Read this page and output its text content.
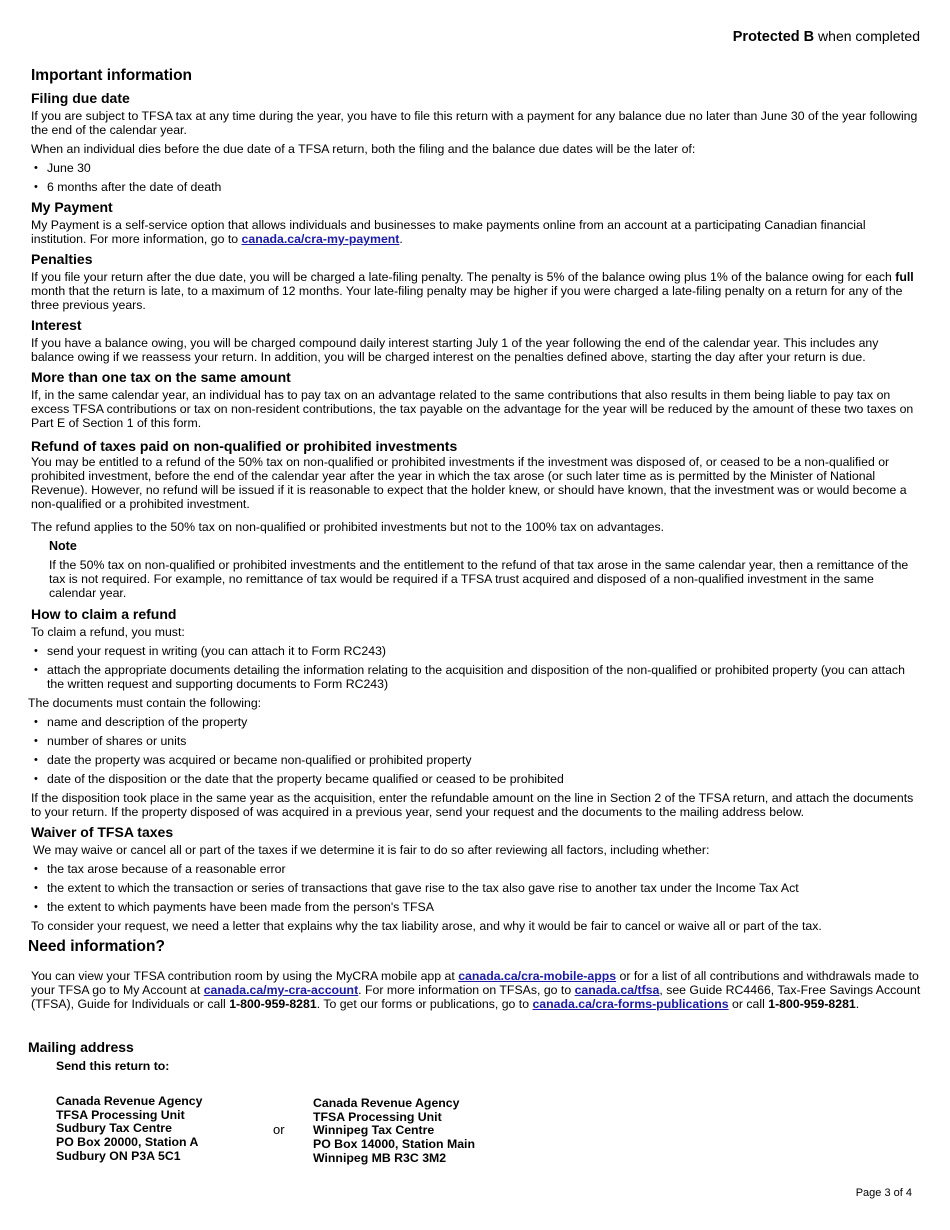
Protected B when completed
Important information
Filing due date

If you are subject to TFSA tax at any time during the year, you have to file this return with a payment for any balance due no later than June 30 of the year following the end of the calendar year.

When an individual dies before the due date of a TFSA return, both the filing and the balance due dates will be the later of:

• June 30
• 6 months after the date of death
My Payment

My Payment is a self-service option that allows individuals and businesses to make payments online from an account at a participating Canadian financial institution. For more information, go to canada.ca/cra-my-payment.

Penalties

If you file your return after the due date, you will be charged a late-filing penalty. The penalty is 5% of the balance owing plus 1% of the balance owing for each full month that the return is late, to a maximum of 12 months. Your late-filing penalty may be higher if you were charged a late-filing penalty on a return for any of the three previous years.

Interest

If you have a balance owing, you will be charged compound daily interest starting July 1 of the year following the end of the calendar year. This includes any balance owing if we reassess your return. In addition, you will be charged interest on the penalties defined above, starting the day after your return is due.

More than one tax on the same amount

If, in the same calendar year, an individual has to pay tax on an advantage related to the same contributions that also results in them being liable to pay tax on excess TFSA contributions or tax on non-resident contributions, the tax payable on the advantage for the year will be reduced by the amount of these two taxes on Part E of Section 1 of this form.

Refund of taxes paid on non-qualified or prohibited investments

You may be entitled to a refund of the 50% tax on non-qualified or prohibited investments if the investment was disposed of, or ceased to be a non-qualified or prohibited investment, before the end of the calendar year after the year in which the tax arose (or such later time as is permitted by the Minister of National Revenue). However, no refund will be issued if it is reasonable to expect that the holder knew, or should have known, that the investment was or would become a non-qualified or a prohibited investment.

The refund applies to the 50% tax on non-qualified or prohibited investments but not to the 100% tax on advantages.

Note

If the 50% tax on non-qualified or prohibited investments and the entitlement to the refund of that tax arose in the same calendar year, then a remittance of the tax is not required. For example, no remittance of tax would be required if a TFSA trust acquired and disposed of a non-qualified investment in the same calendar year.

How to claim a refund

To claim a refund, you must:

• send your request in writing (you can attach it to Form RC243)
• attach the appropriate documents detailing the information relating to the acquisition and disposition of the non-qualified or prohibited property (you can attach the written request and supporting documents to Form RC243)

The documents must contain the following:

• name and description of the property
• number of shares or units
• date the property was acquired or became non-qualified or prohibited property
• date of the disposition or the date that the property became qualified or ceased to be prohibited

If the disposition took place in the same year as the acquisition, enter the refundable amount on the line in Section 2 of the TFSA return, and attach the documents to your return. If the property disposed of was acquired in a previous year, send your request and the documents to the mailing address below.

Waiver of TFSA taxes

We may waive or cancel all or part of the taxes if we determine it is fair to do so after reviewing all factors, including whether:

• the tax arose because of a reasonable error
• the extent to which the transaction or series of transactions that gave rise to the tax also gave rise to another tax under the Income Tax Act
• the extent to which payments have been made from the person's TFSA

To consider your request, we need a letter that explains why the tax liability arose, and why it would be fair to cancel or waive all or part of the tax.

Need information?

You can view your TFSA contribution room by using the MyCRA mobile app at canada.ca/cra-mobile-apps or for a list of all contributions and withdrawals made to your TFSA go to My Account at canada.ca/my-cra-account. For more information on TFSAs, go to canada.ca/tfsa, see Guide RC4466, Tax-Free Savings Account (TFSA), Guide for Individuals or call 1-800-959-8281. To get our forms or publications, go to canada.ca/cra-forms-publications or call 1-800-959-8281.

Mailing address
Send this return to:
Canada Revenue Agency
TFSA Processing Unit
Sudbury Tax Centre
PO Box 20000, Station A
Sudbury ON P3A 5C1
or
Canada Revenue Agency
TFSA Processing Unit
Winnipeg Tax Centre
PO Box 14000, Station Main
Winnipeg MB R3C 3M2
Page 3 of 4
